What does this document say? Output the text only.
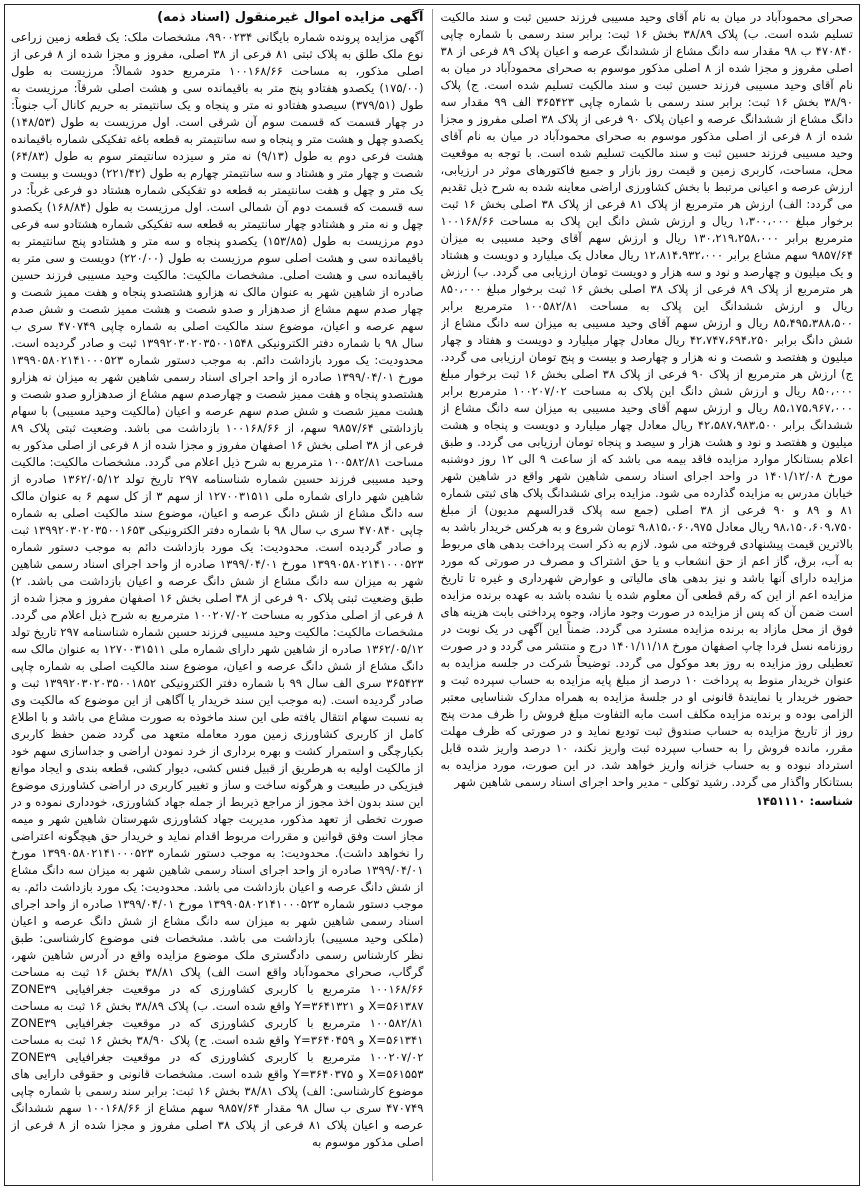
آگهی مزایده اموال غیرمنقول (اسناد ذمه)

آگهی مزایده پرونده شماره بایگانی ۹۹۰۰۲۳۴، مشخصات ملک: یک قطعه زمین زراعی نوع ملک طلق به پلاک ثبتی ۸۱ فرعی از ۳۸ اصلی، مفروز و مجزا شده از ۸ فرعی از اصلی مذکور، به مساحت ۱۰۰۱۶۸/۶۶ مترمربع حدود شمالاً: مرزیست به طول (۱۷۵/۰۰) یکصدو هفتادو پنج متر به باقیمانده سی و هشت اصلی شرقاً: مرزیست به طول (۳۷۹/۵۱) سیصدو هفتادو نه متر و پنجاه و یک سانتیمتر به حریم کانال آب جنوباً: در چهار قسمت که قسمت سوم آن شرقی است. اول مرزیست به طول (۱۴۸/۵۳) یکصدو چهل و هشت متر و پنجاه و سه سانتیمتر به قطعه باغه تفکیکی شماره باقیمانده هشت فرعی دوم به طول (۹/۱۳) نه متر و سیزده سانتیمتر سوم به طول (۶۴/۸۳) شصت و چهار متر و هشتاد و سه سانتیمتر چهارم به طول (۲۲۱/۴۲) دویست و بیست و یک متر و چهل و هفت سانتیمتر به قطعه دو تفکیکی شماره هشتاد دو فرعی غرباً: در سه قسمت که قسمت دوم آن شمالی است. اول مرزیست به طول (۱۶۸/۸۴) یکصدو چهل و نه متر و هشتادو چهار سانتیمتر به قطعه سه تفکیکی شماره هشتادو سه فرعی دوم مرزیست به طول (۱۵۳/۸۵) یکصدو پنجاه و سه متر و هشتادو پنج سانتیمتر به باقیمانده سی و هشت اصلی سوم مرزیست به طول (۲۲۰/۰۰) دویست و سی متر به باقیمانده سی و هشت اصلی. مشخصات مالکیت: مالکیت وحید مسیبی فرزند حسین صادره از شاهین شهر به عنوان مالک نه هزارو هشتصدو پنجاه و هفت ممیز شصت و چهار صدم سهم مشاع از صدهزار و صدو شصت و هشت ممیز شصت و شش صدم سهم عرصه و اعیان، موضوع سند مالکیت اصلی به شماره چاپی ۴۷۰۷۴۹ سری ب سال ۹۸ با شماره دفتر الکترونیکی ۱۳۹۹۲۰۳۰۲۰۳۵۰۰۱۵۴۸ ثبت و صادر گردیده است. محدودیت: یک مورد بازداشت دائم. به موجب دستور شماره ۱۳۹۹۰۵۸۰۲۱۴۱۰۰۰۵۲۳ مورخ ۱۳۹۹/۰۴/۰۱ صادره از واحد اجرای اسناد رسمی شاهین شهر به میزان نه هزارو هشتصدو پنجاه و هفت ممیز شصت و چهارصدم سهم مشاع از صدهزارو صدو شصت و هشت ممیز شصت و شش صدم سهم عرصه و اعیان (مالکیت وحید مسیبی) با سهام بازداشتی ۹۸۵۷/۶۴ سهم، از ۱۰۰۱۶۸/۶۶ بازداشت می باشد. وضعیت ثبتی پلاک ۸۹ فرعی از ۳۸ اصلی بخش ۱۶ اصفهان مفروز و مجزا شده از ۸ فرعی از اصلی مذکور به مساحت ۱۰۰۵۸۲/۸۱ مترمربع به شرح ذیل اعلام می گردد. مشخصات مالکیت: مالکیت وحید مسیبی فرزند حسین شماره شناسنامه ۲۹۷ تاریخ تولد ۱۳۶۲/۰۵/۱۲ صادره از شاهین شهر دارای شماره ملی ۱۲۷۰۰۳۱۵۱۱ از سهم ۳ از کل سهم ۶ به عنوان مالک سه دانگ مشاع از شش دانگ عرصه و اعیان، موضوع سند مالکیت اصلی به شماره چاپی ۴۷۰۸۴۰ سری ب سال ۹۸ با شماره دفتر الکترونیکی ۱۳۹۹۲۰۳۰۲۰۳۵۰۰۱۶۵۳ ثبت و صادر گردیده است. محدودیت: یک مورد بازداشت دائم به موجب دستور شماره ۱۳۹۹۰۵۸۰۲۱۴۱۰۰۰۵۲۳ مورخ ۱۳۹۹/۰۴/۰۱ صادره از واحد اجرای اسناد رسمی شاهین شهر به میزان سه دانگ مشاع از شش دانگ عرصه و اعیان بازداشت می باشد. ۲) طبق وضعیت ثبتی پلاک ۹۰ فرعی از ۳۸ اصلی بخش ۱۶ اصفهان مفروز و مجزا شده از ۸ فرعی از اصلی مذکور به مساحت ۱۰۰۲۰۷/۰۲ مترمربع به شرح ذیل اعلام می گردد. مشخصات مالکیت: مالکیت وحید مسیبی فرزند حسین شماره شناسنامه ۲۹۷ تاریخ تولد ۱۳۶۲/۰۵/۱۲ صادره از شاهین شهر دارای شماره ملی ۱۲۷۰۰۳۱۵۱۱ به عنوان مالک سه دانگ مشاع از شش دانگ عرصه و اعیان، موضوع سند مالکیت اصلی به شماره چاپی ۳۶۵۴۲۳ سری الف سال ۹۹ با شماره دفتر الکترونیکی ۱۳۹۹۲۰۳۰۲۰۳۵۰۰۱۸۵۲ ثبت و صادر گردیده است. (به موجب این سند خریدار یا آگاهی از این موضوع که مالکیت وی به نسبت سهام انتقال یافته طی این سند ماخوذه به صورت مشاع می باشد و با اطلاع کامل از کاربری کشاورزی زمین مورد معامله متعهد می گردد ضمن حفظ کاربری بکیارچگی و استمرار کشت و بهره برداری از خرد نمودن اراضی و جداسازی سهم خود از مالکیت اولیه به هرطریق از قبیل فنس کشی، دیوار کشی، قطعه بندی و ایجاد موانع فیزیکی در طبیعت و هرگونه ساخت و ساز و تغییر کاربری در اراضی کشاورزی موضوع این سند بدون اخذ مجوز از مراجع ذیربط از جمله جهاد کشاورزی، خودداری نموده و در صورت تخطی از تعهد مذکور، مدیریت جهاد کشاورزی شهرستان شاهین شهر و میمه مجاز است وفق قوانین و مقررات مربوط اقدام نماید و خریدار حق هیچگونه اعتراضی را نخواهد داشت). محدودیت: به موجب دستور شماره ۱۳۹۹۰۵۸۰۲۱۴۱۰۰۰۵۲۳ مورخ ۱۳۹۹/۰۴/۰۱ صادره از واحد اجرای اسناد رسمی شاهین شهر به میزان سه دانگ مشاع از شش دانگ عرصه و اعیان بازداشت می باشد. محدودیت: یک مورد بازداشت دائم. به موجب دستور شماره ۱۳۹۹۰۵۸۰۲۱۴۱۰۰۰۵۲۳ مورخ ۱۳۹۹/۰۴/۰۱ صادره از واحد اجرای اسناد رسمی شاهین شهر به میزان سه دانگ مشاع از شش دانگ عرصه و اعیان (ملکی وحید مسیبی) بازداشت می باشد. مشخصات فنی موضوع کارشناسی: طبق نظر کارشناس رسمی دادگستری ملک موضوع مزایده واقع در آدرس شاهین شهر، گرگاب، صحرای محمودآباد واقع است الف) پلاک ۳۸/۸۱ بخش ۱۶ ثبت به مساحت ۱۰۰۱۶۸/۶۶ مترمربع با کاربری کشاورزی که در موقعیت جغرافیایی ZONE۳۹ X=۵۶۱۳۸۷ و Y=۳۶۴۱۳۲۱ واقع شده است. ب) پلاک ۳۸/۸۹ بخش ۱۶ ثبت به مساحت ۱۰۰۵۸۲/۸۱ مترمربع با کاربری کشاورزی که در موقعیت جغرافیایی ZONE۳۹ X=۵۶۱۳۴۱ و Y=۳۶۴۰۴۵۹ واقع شده است. ج) پلاک ۳۸/۹۰ بخش ۱۶ ثبت به مساحت ۱۰۰۲۰۷/۰۲ مترمربع با کاربری کشاورزی که در موقعیت جغرافیایی ZONE۳۹ X=۵۶۱۵۵۳ و Y=۳۶۴۰۳۷۵ واقع شده است. مشخصات قانونی و حقوقی دارایی های موضوع کارشناسی: الف) پلاک ۳۸/۸۱ بخش ۱۶ ثبت: برابر سند رسمی با شماره چاپی ۴۷۰۷۴۹ سری ب سال ۹۸ مقدار ۹۸۵۷/۶۴ سهم مشاع از ۱۰۰۱۶۸/۶۶ سهم ششدانگ عرصه و اعیان پلاک ۸۱ فرعی از پلاک ۳۸ اصلی مفروز و مجزا شده از ۸ فرعی از اصلی مذکور موسوم به

صحرای محمودآباد در میان به نام آقای وحید مسیبی فرزند حسین ثبت و سند مالکیت تسلیم شده است. ب) پلاک ۳۸/۸۹ بخش ۱۶ ثبت: برابر سند رسمی با شماره چاپی ۴۷۰۸۴۰ ب ۹۸ مقدار سه دانگ مشاع از ششدانگ عرصه و اعیان پلاک ۸۹ فرعی از ۳۸ اصلی مفروز و مجزا شده از ۸ اصلی مذکور موسوم به صحرای محمودآباد در میان به نام آقای وحید مسیبی فرزند حسین ثبت و سند مالکیت تسلیم شده است. ج) پلاک ۳۸/۹۰ بخش ۱۶ ثبت: برابر سند رسمی با شماره چاپی ۳۶۵۴۲۳ الف ۹۹ مقدار سه دانگ مشاع از ششدانگ عرصه و اعیان پلاک ۹۰ فرعی از پلاک ۳۸ اصلی مفروز و مجزا شده از ۸ فرعی از اصلی مذکور موسوم به صحرای محمودآباد در میان به نام آقای وحید مسیبی فرزند حسین ثبت و سند مالکیت تسلیم شده است. با توجه به موقعیت محل، مساحت، کاربری زمین و قیمت روز بازار و جمیع فاکتورهای موثر در ارزیابی، ارزش عرصه و اعیانی مرتبط با بخش کشاورزی اراضی معاینه شده به شرح ذیل تقدیم می گردد: الف) ارزش هر مترمربع از پلاک ۸۱ فرعی از پلاک ۳۸ اصلی بخش ۱۶ ثبت برخوار مبلغ ۱،۳۰۰،۰۰۰ ریال و ارزش شش دانگ این پلاک به مساحت ۱۰۰۱۶۸/۶۶ مترمربع برابر ۱۳۰،۲۱۹،۲۵۸،۰۰۰ ریال و ارزش سهم آقای وحید مسیبی به میزان ۹۸۵۷/۶۴ سهم مشاع برابر ۱۲،۸۱۴،۹۳۲،۰۰۰ ریال معادل یک میلیارد و دویست و هشتاد و یک میلیون و چهارصد و نود و سه هزار و دویست تومان ارزیابی می گردد. ب) ارزش هر مترمربع از پلاک ۸۹ فرعی از پلاک ۳۸ اصلی بخش ۱۶ ثبت برخوار مبلغ ۸۵۰،۰۰۰ ریال و ارزش ششدانگ این پلاک به مساحت ۱۰۰۵۸۲/۸۱ مترمربع برابر ۸۵،۴۹۵،۳۸۸،۵۰۰ ریال و ارزش سهم آقای وحید مسیبی به میزان سه دانگ مشاع از شش دانگ برابر ۴۲،۷۴۷،۶۹۴،۲۵۰ ریال معادل چهار میلیارد و دویست و هفتاد و چهار میلیون و هفتصد و شصت و نه هزار و چهارصد و بیست و پنج تومان ارزیابی می گردد. ج) ارزش هر مترمربع از پلاک ۹۰ فرعی از پلاک ۳۸ اصلی بخش ۱۶ ثبت برخوار مبلغ ۸۵۰،۰۰۰ ریال و ارزش شش دانگ این پلاک به مساحت ۱۰۰۲۰۷/۰۲ مترمربع برابر ۸۵،۱۷۵،۹۶۷،۰۰۰ ریال و ارزش سهم آقای وحید مسیبی به میزان سه دانگ مشاع از ششدانگ برابر ۴۲،۵۸۷،۹۸۳،۵۰۰ ریال معادل چهار میلیارد و دویست و پنجاه و هشت میلیون و هفتصد و نود و هشت هزار و سیصد و پنجاه تومان ارزیابی می گردد. و طبق اعلام بستانکار موارد مزایده فاقد بیمه می باشد که از ساعت ۹ الی ۱۲ روز دوشنبه مورخ ۱۴۰۱/۱۲/۰۸ در واحد اجرای اسناد رسمی شاهین شهر واقع در شاهین شهر خیابان مدرس به مزایده گذارده می شود. مزایده برای ششدانگ پلاک های ثبتی شماره ۸۱ و ۸۹ و ۹۰ فرعی از ۳۸ اصلی (جمع سه پلاک قدرالسهم مدیون) از مبلغ ۹۸،۱۵۰،۶۰۹،۷۵۰ ریال معادل ۹،۸۱۵،۰۶۰،۹۷۵ تومان شروع و به هرکس خریدار باشد به بالاترین قیمت پیشنهادی فروخته می شود. لازم به ذکر است پرداخت بدهی های مربوط به آب، برق، گاز اعم از حق انشعاب و یا حق اشتراک و مصرف در صورتی که مورد مزایده دارای آنها باشد و نیز بدهی های مالیاتی و عوارض شهرداری و غیره تا تاریخ مزایده اعم از این که رقم قطعی آن معلوم شده یا نشده باشد به عهده برنده مزایده است ضمن آن که پس از مزایده در صورت وجود مازاد، وجوه پرداختی بابت هزینه های فوق از محل مازاد به برنده مزایده مسترد می گردد. ضمناً این آگهی در یک نوبت در روزنامه نسل فردا چاپ اصفهان مورخ ۱۴۰۱/۱۱/۱۸ درج و منتشر می گردد و در صورت تعطیلی روز مزایده به روز بعد موکول می گردد. توضیحاً شرکت در جلسه مزایده به عنوان خریدار منوط به پرداخت ۱۰ درصد از مبلغ پایه مزایده به حساب سپرده ثبت و حضور خریدار یا نمایندهٔ قانونی او در جلسهٔ مزایده به همراه مدارک شناسایی معتبر الزامی بوده و برنده مزایده مکلف است مابه التفاوت مبلغ فروش را ظرف مدت پنج روز از تاریخ مزایده به حساب صندوق ثبت تودیع نماید و در صورتی که ظرف مهلت مقرر، مانده فروش را به حساب سپرده ثبت واریز نکند، ۱۰ درصد واریز شده قابل استرداد نبوده و به حساب خزانه واریز خواهد شد. در این صورت، مورد مزایده به بستانکار واگذار می گردد. رشید توکلی - مدیر واحد اجرای اسناد رسمی شاهین شهر

شناسه: ۱۴۵۱۱۱۰
